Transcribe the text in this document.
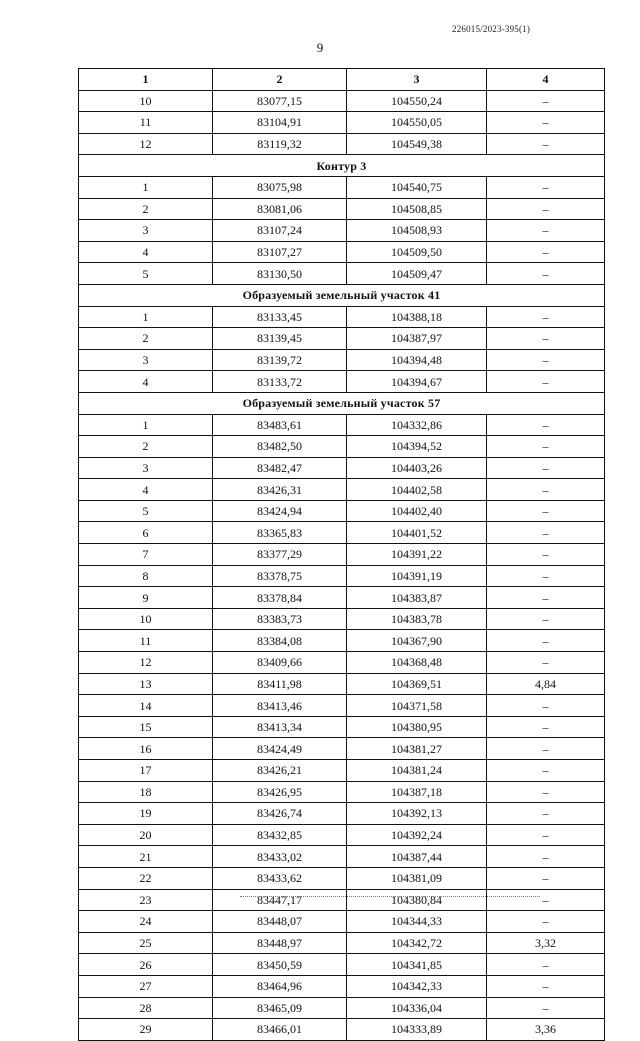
226015/2023-395(1)
9
1	2	3	4
10	83077,15	104550,24	–
11	83104,91	104550,05	–
12	83119,32	104549,38	–
Контур 3			
1	83075,98	104540,75	–
2	83081,06	104508,85	–
3	83107,24	104508,93	–
4	83107,27	104509,50	–
5	83130,50	104509,47	–
Образуемый земельный участок 41			
1	83133,45	104388,18	–
2	83139,45	104387,97	–
3	83139,72	104394,48	–
4	83133,72	104394,67	–
Образуемый земельный участок 57			
1	83483,61	104332,86	–
2	83482,50	104394,52	–
3	83482,47	104403,26	–
4	83426,31	104402,58	–
5	83424,94	104402,40	–
6	83365,83	104401,52	–
7	83377,29	104391,22	–
8	83378,75	104391,19	–
9	83378,84	104383,87	–
10	83383,73	104383,78	–
11	83384,08	104367,90	–
12	83409,66	104368,48	–
13	83411,98	104369,51	4,84
14	83413,46	104371,58	–
15	83413,34	104380,95	–
16	83424,49	104381,27	–
17	83426,21	104381,24	–
18	83426,95	104387,18	–
19	83426,74	104392,13	–
20	83432,85	104392,24	–
21	83433,02	104387,44	–
22	83433,62	104381,09	–
23	83447,17	104380,84	–
24	83448,07	104344,33	–
25	83448,97	104342,72	3,32
26	83450,59	104341,85	–
27	83464,96	104342,33	–
28	83465,09	104336,04	–
29	83466,01	104333,89	3,36
